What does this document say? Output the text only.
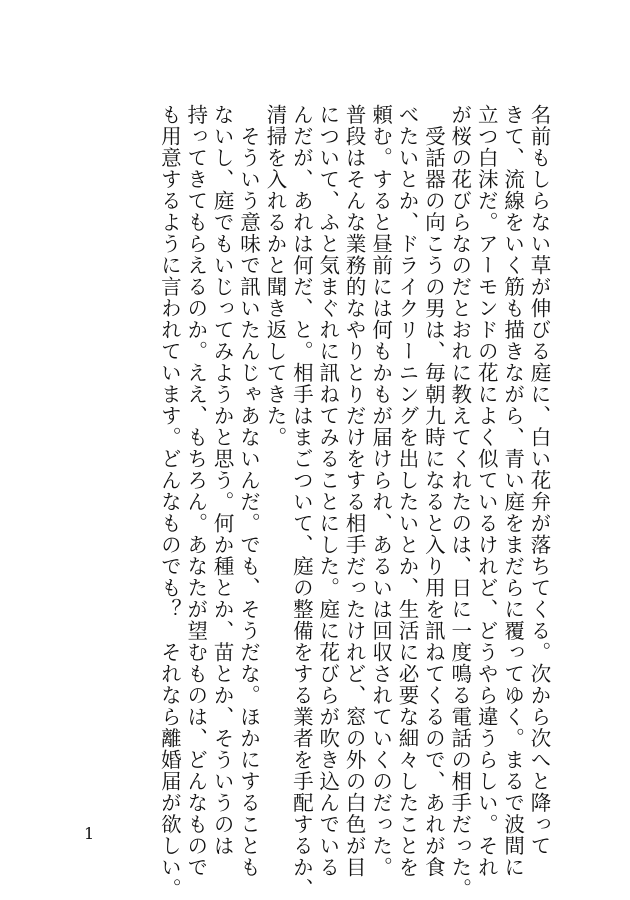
名前もしらない草が伸びる庭に、白い花弁が落ちてくる。次から次へと降って

きて、流線をいく筋も描きながら、青い庭をまだらに覆ってゆく。まるで波間に

立つ白沫だ。アーモンドの花によく似ているけれど、どうやら違うらしい。それ

が桜の花びらなのだとおれに教えてくれたのは、日に一度鳴る電話の相手だった。

　受話器の向こうの男は、毎朝九時になると入り用を訊ねてくるので、あれが食

べたいとか、ドライクリーニングを出したいとか、生活に必要な細々したことを

頼む。すると昼前には何もかもが届けられ、あるいは回収されていくのだった。

普段はそんな業務的なやりとりだけをする相手だったけれど、窓の外の白色が目

について、ふと気まぐれに訊ねてみることにした。庭に花びらが吹き込んでいる

んだが、あれは何だ、と。相手はまごついて、庭の整備をする業者を手配するか、

清掃を入れるかと聞き返してきた。

　そういう意味で訊いたんじゃあないんだ。でも、そうだな。ほかにすることも

ないし、庭でもいじってみようかと思う。何か種とか、苗とか、そういうのは

持ってきてもらえるのか。ええ、もちろん。あなたが望むものは、どんなもので

も用意するように言われています。どんなものでも？　それなら離婚届が欲しい。

1
